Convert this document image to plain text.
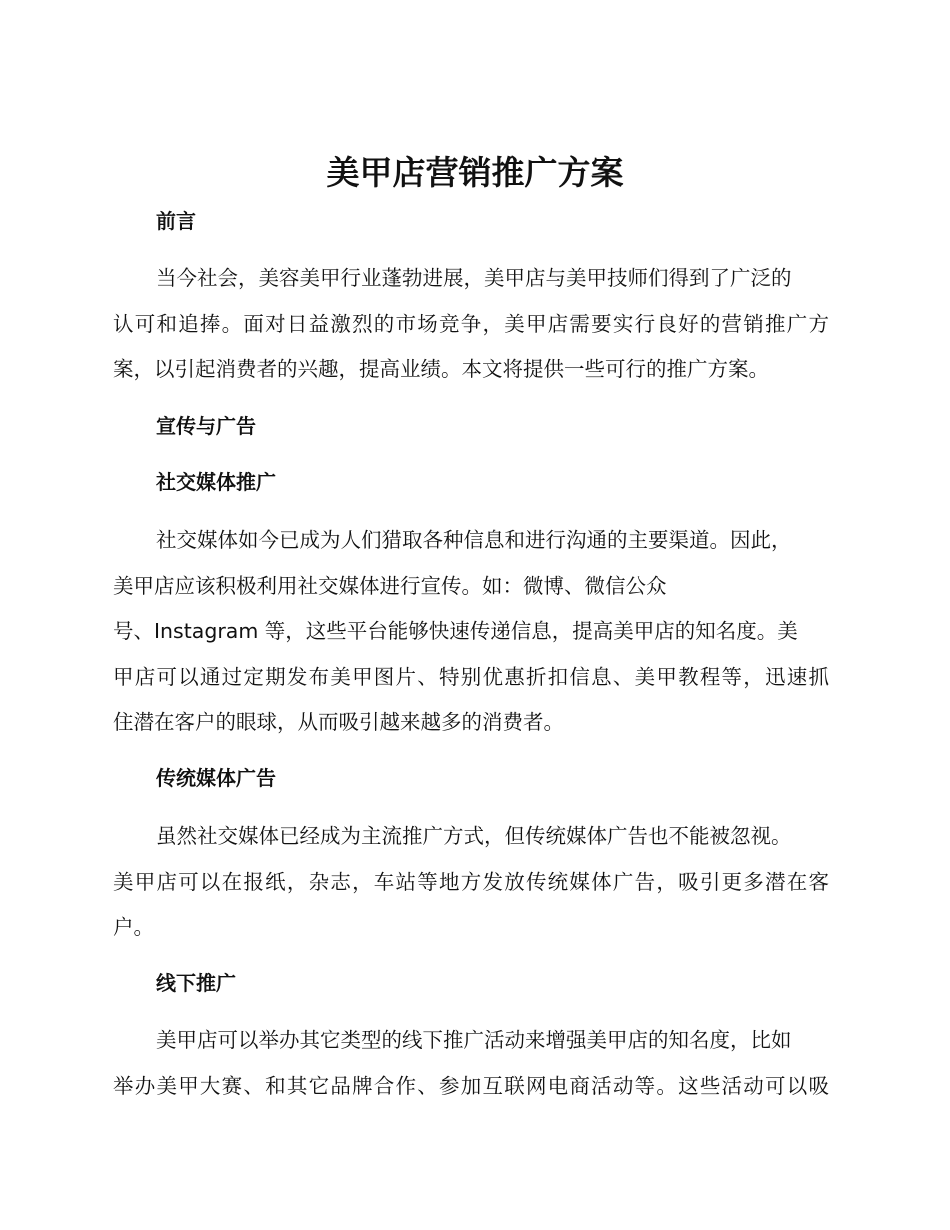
美甲店营销推广方案
前言
当今社会，美容美甲行业蓬勃进展，美甲店与美甲技师们得到了广泛的
认可和追捧。面对日益激烈的市场竞争，美甲店需要实行良好的营销推广方
案，以引起消费者的兴趣，提高业绩。本文将提供一些可行的推广方案。
宣传与广告
社交媒体推广
社交媒体如今已成为人们猎取各种信息和进行沟通的主要渠道。因此，
美甲店应该积极利用社交媒体进行宣传。如：微博、微信公众
号、Instagram 等，这些平台能够快速传递信息，提高美甲店的知名度。美
甲店可以通过定期发布美甲图片、特别优惠折扣信息、美甲教程等，迅速抓
住潜在客户的眼球，从而吸引越来越多的消费者。
传统媒体广告
虽然社交媒体已经成为主流推广方式，但传统媒体广告也不能被忽视。
美甲店可以在报纸，杂志，车站等地方发放传统媒体广告，吸引更多潜在客
户。
线下推广
美甲店可以举办其它类型的线下推广活动来增强美甲店的知名度，比如
举办美甲大赛、和其它品牌合作、参加互联网电商活动等。这些活动可以吸
